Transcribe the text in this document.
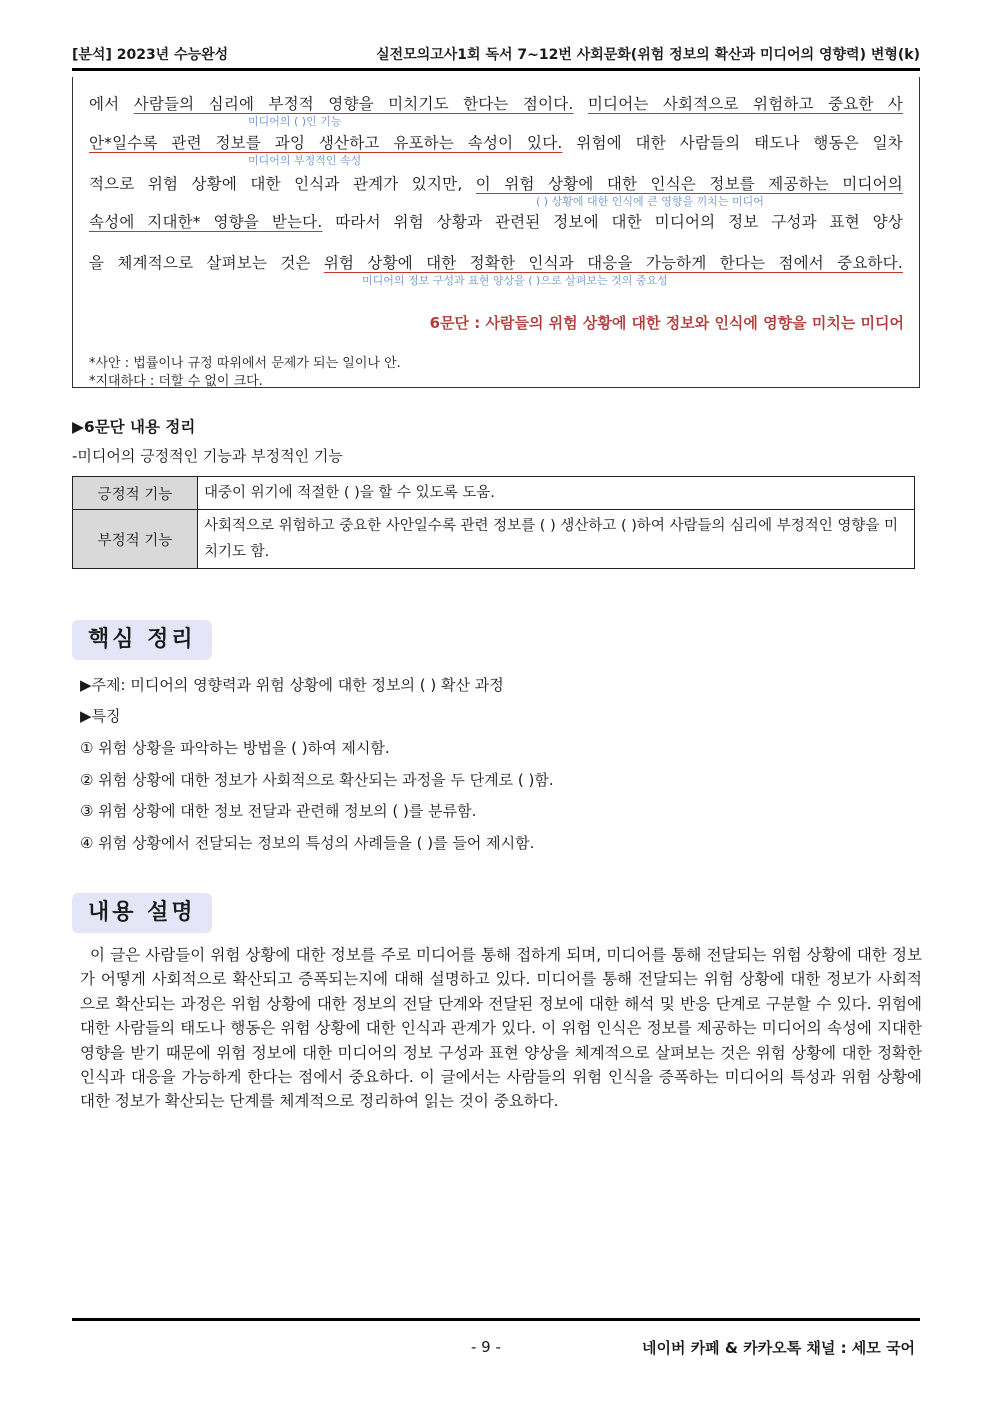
[분석] 2023년 수능완성	실전모의고사1회 독서 7~12번 사회문화(위험 정보의 확산과 미디어의 영향력) 변형(k)
에서 사람들의 심리에 부정적 영향을 미치기도 한다는 점이다. 미디어는 사회적으로 위험하고 중요한 사
미디어의 ( )인 기능
안*일수록 관련 정보를 과잉 생산하고 유포하는 속성이 있다. 위험에 대한 사람들의 태도나 행동은 일차
미디어의 부정적인 속성
적으로 위험 상황에 대한 인식과 관계가 있지만, 이 위험 상황에 대한 인식은 정보를 제공하는 미디어의
( ) 상황에 대한 인식에 큰 영향을 끼치는 미디어
속성에 지대한* 영향을 받는다. 따라서 위험 상황과 관련된 정보에 대한 미디어의 정보 구성과 표현 양상
을 체계적으로 살펴보는 것은 위험 상황에 대한 정확한 인식과 대응을 가능하게 한다는 점에서 중요하다.
미디어의 정보 구성과 표현 양상을 ( )으로 살펴보는 것의 중요성
6문단 : 사람들의 위험 상황에 대한 정보와 인식에 영향을 미치는 미디어
*사안 : 법률이나 규정 따위에서 문제가 되는 일이나 안.
*지대하다 : 더할 수 없이 크다.
▶6문단 내용 정리
-미디어의 긍정적인 기능과 부정적인 기능
긍정적 기능	대중이 위기에 적절한 ( )을 할 수 있도록 도움.
부정적 기능	사회적으로 위험하고 중요한 사안일수록 관련 정보를 ( ) 생산하고 ( )하여 사람들의 심리에 부정적인 영향을 미치기도 함.
핵심 정리
▶주제: 미디어의 영향력과 위험 상황에 대한 정보의 ( ) 확산 과정
▶특징
① 위험 상황을 파악하는 방법을 ( )하여 제시함.
② 위험 상황에 대한 정보가 사회적으로 확산되는 과정을 두 단계로 ( )함.
③ 위험 상황에 대한 정보 전달과 관련해 정보의 ( )를 분류함.
④ 위험 상황에서 전달되는 정보의 특성의 사례들을 ( )를 들어 제시함.
내용 설명
이 글은 사람들이 위험 상황에 대한 정보를 주로 미디어를 통해 접하게 되며, 미디어를 통해 전달되는 위험 상황에 대한 정보가 어떻게 사회적으로 확산되고 증폭되는지에 대해 설명하고 있다. 미디어를 통해 전달되는 위험 상황에 대한 정보가 사회적으로 확산되는 과정은 위험 상황에 대한 정보의 전달 단계와 전달된 정보에 대한 해석 및 반응 단계로 구분할 수 있다. 위험에 대한 사람들의 태도나 행동은 위험 상황에 대한 인식과 관계가 있다. 이 위험 인식은 정보를 제공하는 미디어의 속성에 지대한 영향을 받기 때문에 위험 정보에 대한 미디어의 정보 구성과 표현 양상을 체계적으로 살펴보는 것은 위험 상황에 대한 정확한 인식과 대응을 가능하게 한다는 점에서 중요하다. 이 글에서는 사람들의 위험 인식을 증폭하는 미디어의 특성과 위험 상황에 대한 정보가 확산되는 단계를 체계적으로 정리하여 읽는 것이 중요하다.
- 9 -	네이버 카페 & 카카오톡 채널 : 세모 국어
